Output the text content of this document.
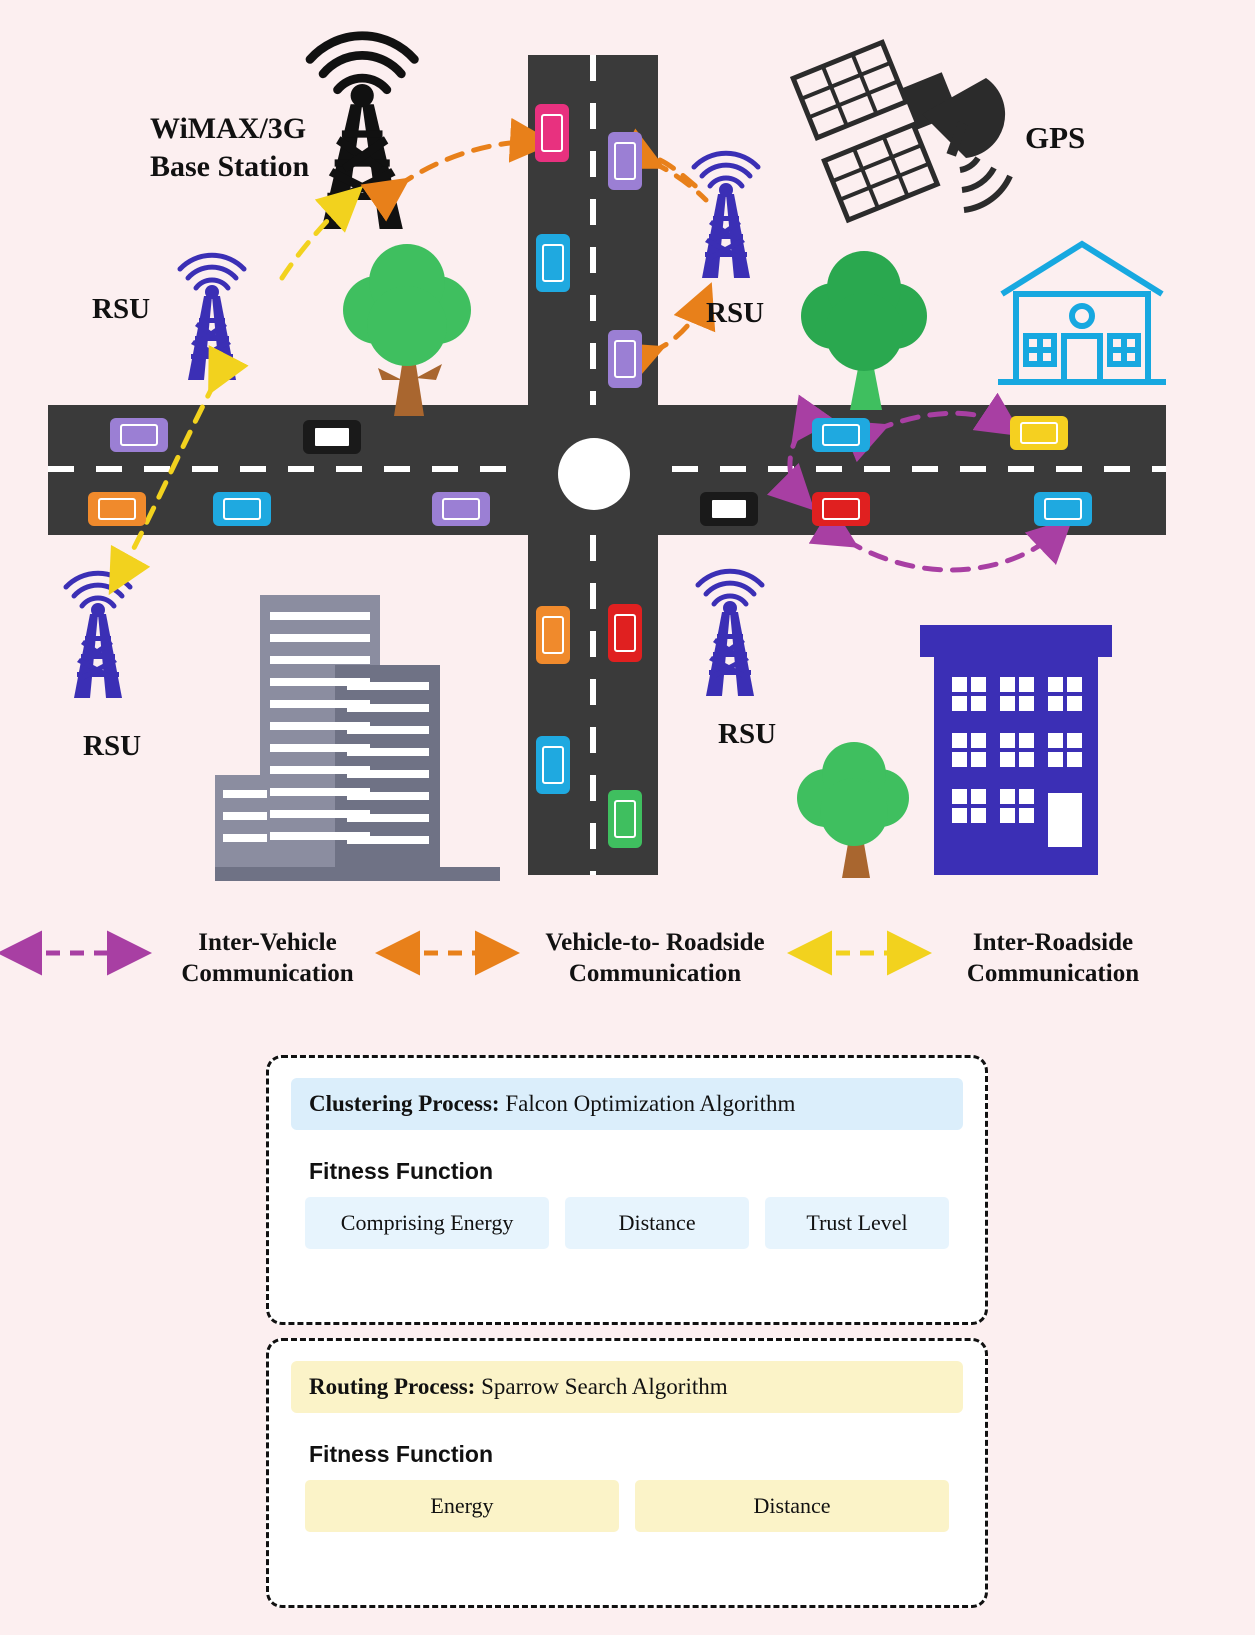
WiMAX/3G
Base Station
GPS
RSU
RSU
RSU
RSU
Inter-Vehicle
Communication
Vehicle-to- Roadside
Communication
Inter-Roadside
Communication
Clustering Process: Falcon Optimization Algorithm
Fitness Function
Comprising Energy	Distance	Trust Level
Routing Process: Sparrow Search Algorithm
Fitness Function
Energy	Distance
